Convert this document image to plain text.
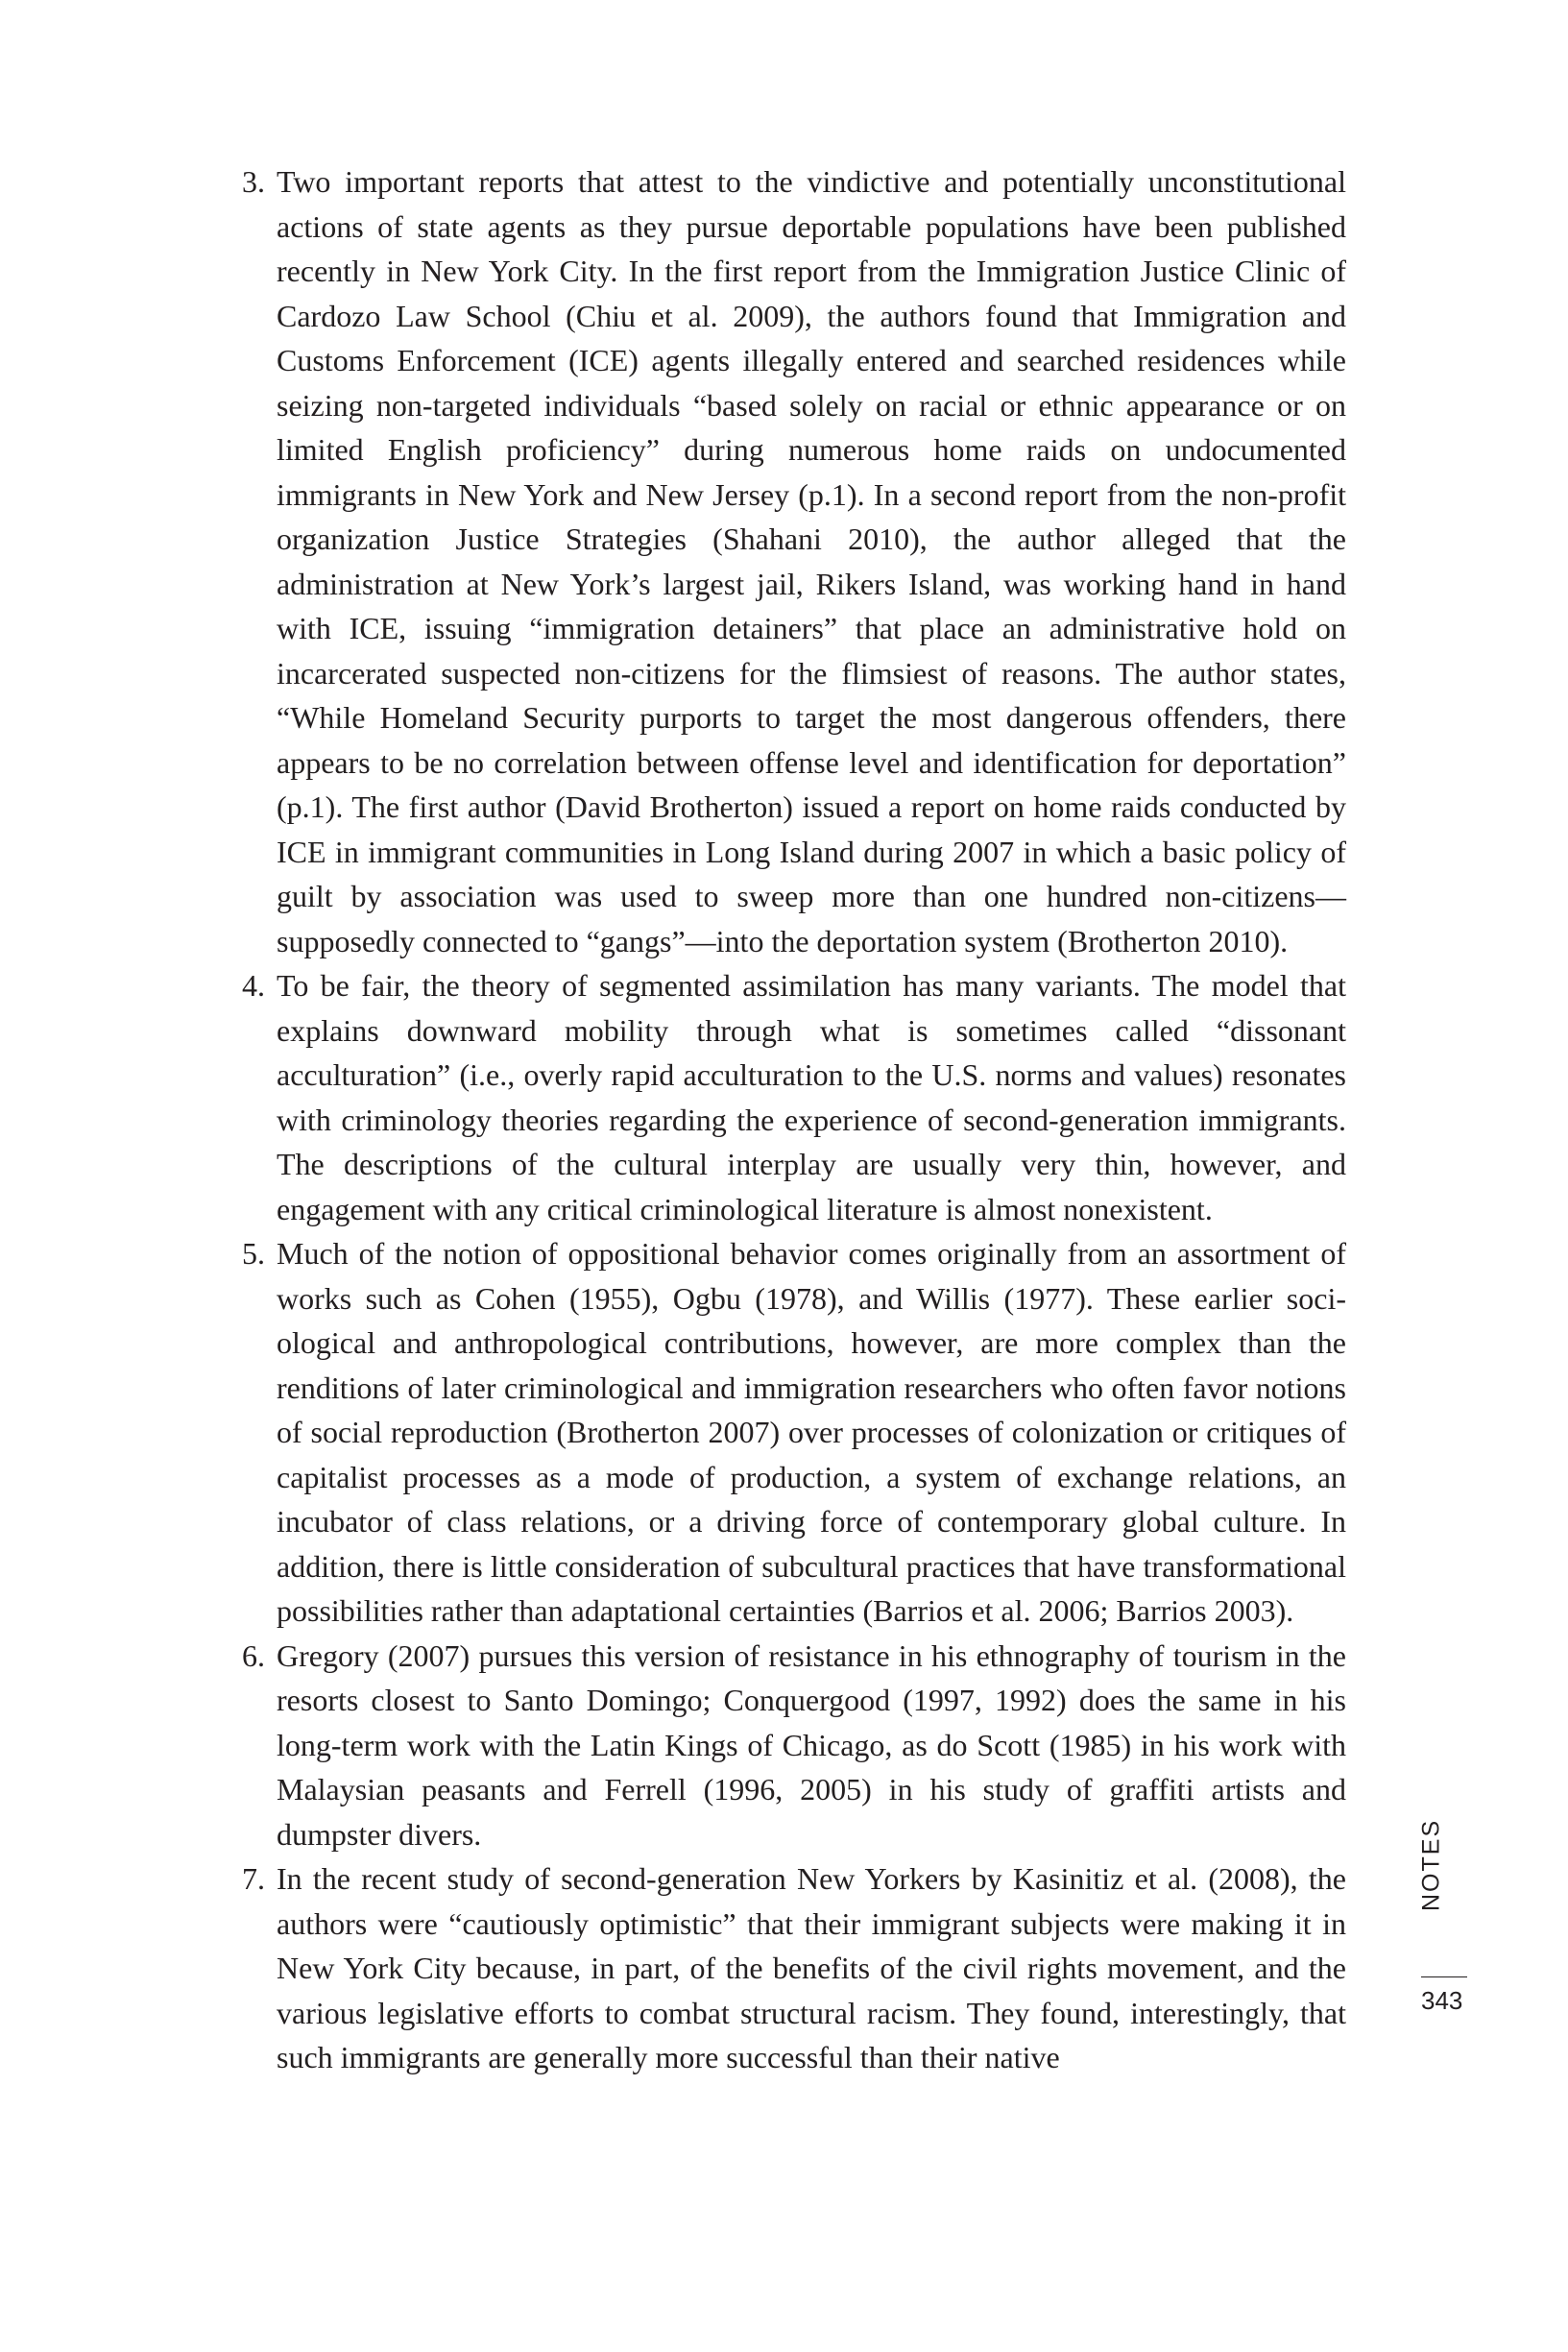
3. Two important reports that attest to the vindictive and potentially unconstitutional actions of state agents as they pursue deportable populations have been published recently in New York City. In the first report from the Immigration Justice Clinic of Cardozo Law School (Chiu et al. 2009), the authors found that Immigration and Customs Enforcement (ICE) agents illegally entered and searched residences while seizing non-targeted individuals “based solely on racial or ethnic appearance or on limited English proficiency” during numerous home raids on undocumented immigrants in New York and New Jersey (p.1). In a second report from the non-profit organization Justice Strategies (Shahani 2010), the author alleged that the administration at New York’s largest jail, Rikers Island, was working hand in hand with ICE, issuing “immigration detainers” that place an administrative hold on incarcerated suspected non-citizens for the flimsiest of reasons. The author states, “While Homeland Security purports to target the most dangerous offenders, there appears to be no correlation between offense level and identification for deportation” (p.1). The first author (David Brotherton) issued a report on home raids conducted by ICE in immigrant communities in Long Island during 2007 in which a basic policy of guilt by association was used to sweep more than one hundred non-citizens—supposedly connected to “gangs”—into the deportation system (Brotherton 2010).
4. To be fair, the theory of segmented assimilation has many variants. The model that explains downward mobility through what is sometimes called “dissonant acculturation” (i.e., overly rapid acculturation to the U.S. norms and values) resonates with criminology theories regarding the experience of second-generation immigrants. The descriptions of the cultural interplay are usually very thin, however, and engagement with any critical criminological literature is almost nonexistent.
5. Much of the notion of oppositional behavior comes originally from an assortment of works such as Cohen (1955), Ogbu (1978), and Willis (1977). These earlier sociological and anthropological contributions, however, are more complex than the renditions of later criminological and immigration researchers who often favor notions of social reproduction (Brotherton 2007) over processes of colonization or critiques of capitalist processes as a mode of production, a system of exchange relations, an incubator of class relations, or a driving force of contemporary global culture. In addition, there is little consideration of subcultural practices that have transformational possibilities rather than adaptational certainties (Barrios et al. 2006; Barrios 2003).
6. Gregory (2007) pursues this version of resistance in his ethnography of tourism in the resorts closest to Santo Domingo; Conquergood (1997, 1992) does the same in his long-term work with the Latin Kings of Chicago, as do Scott (1985) in his work with Malaysian peasants and Ferrell (1996, 2005) in his study of graffiti artists and dumpster divers.
7. In the recent study of second-generation New Yorkers by Kasinitiz et al. (2008), the authors were “cautiously optimistic” that their immigrant subjects were making it in New York City because, in part, of the benefits of the civil rights movement, and the various legislative efforts to combat structural racism. They found, interestingly, that such immigrants are generally more successful than their native
NOTES
343
